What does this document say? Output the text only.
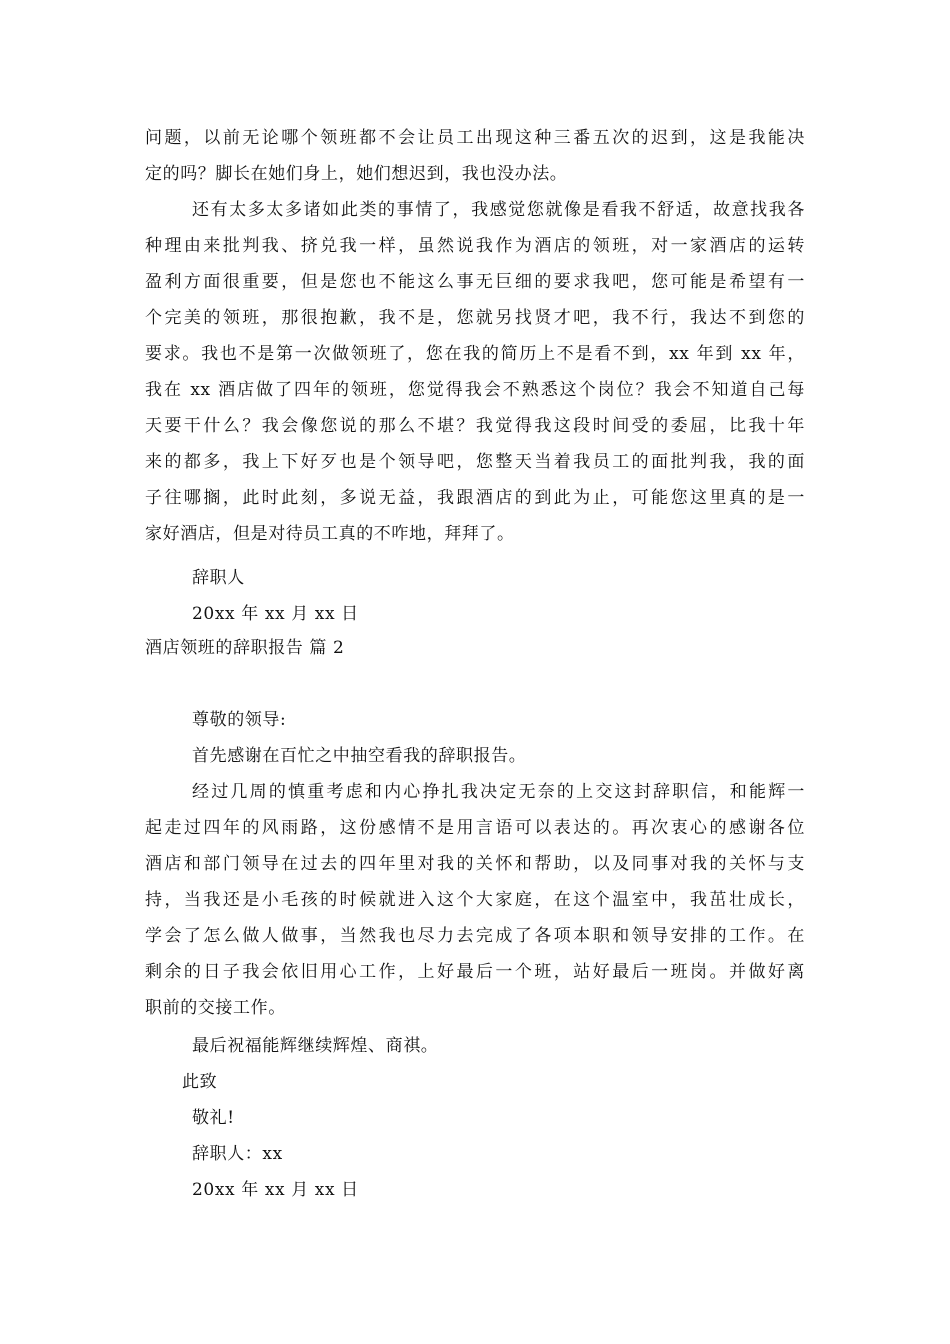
问题，以前无论哪个领班都不会让员工出现这种三番五次的迟到，这是我能决
定的吗？脚长在她们身上，她们想迟到，我也没办法。
还有太多太多诸如此类的事情了，我感觉您就像是看我不舒适，故意找我各
种理由来批判我、挤兑我一样，虽然说我作为酒店的领班，对一家酒店的运转
盈利方面很重要，但是您也不能这么事无巨细的要求我吧，您可能是希望有一
个完美的领班，那很抱歉，我不是，您就另找贤才吧，我不行，我达不到您的
要求。我也不是第一次做领班了，您在我的简历上不是看不到，xx 年到 xx 年，
我在 xx 酒店做了四年的领班，您觉得我会不熟悉这个岗位？我会不知道自己每
天要干什么？我会像您说的那么不堪？我觉得我这段时间受的委屈，比我十年
来的都多，我上下好歹也是个领导吧，您整天当着我员工的面批判我，我的面
子往哪搁，此时此刻，多说无益，我跟酒店的到此为止，可能您这里真的是一
家好酒店，但是对待员工真的不咋地，拜拜了。
辞职人
20xx 年 xx 月 xx 日
酒店领班的辞职报告 篇 2
尊敬的领导:
首先感谢在百忙之中抽空看我的辞职报告。
经过几周的慎重考虑和内心挣扎我决定无奈的上交这封辞职信，和能辉一
起走过四年的风雨路，这份感情不是用言语可以表达的。再次衷心的感谢各位
酒店和部门领导在过去的四年里对我的关怀和帮助，以及同事对我的关怀与支
持，当我还是小毛孩的时候就进入这个大家庭，在这个温室中，我茁壮成长，
学会了怎么做人做事，当然我也尽力去完成了各项本职和领导安排的工作。在
剩余的日子我会依旧用心工作，上好最后一个班，站好最后一班岗。并做好离
职前的交接工作。
最后祝福能辉继续辉煌、商祺。
此致
敬礼!
辞职人：xx
20xx 年 xx 月 xx 日
